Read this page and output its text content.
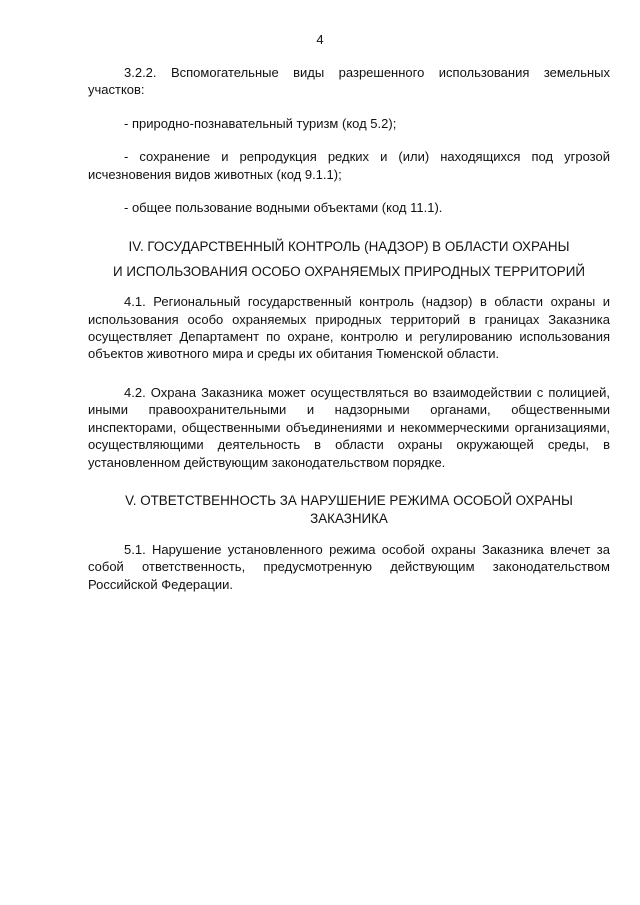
4

3.2.2. Вспомогательные виды разрешенного использования земельных участков:

- природно-познавательный туризм (код 5.2);

- сохранение и репродукция редких и (или) находящихся под угрозой исчезновения видов животных (код 9.1.1);

- общее пользование водными объектами (код 11.1).

IV. ГОСУДАРСТВЕННЫЙ КОНТРОЛЬ (НАДЗОР) В ОБЛАСТИ ОХРАНЫ
И ИСПОЛЬЗОВАНИЯ ОСОБО ОХРАНЯЕМЫХ ПРИРОДНЫХ ТЕРРИТОРИЙ

4.1. Региональный государственный контроль (надзор) в области охраны и использования особо охраняемых природных территорий в границах Заказника осуществляет Департамент по охране, контролю и регулированию использования объектов животного мира и среды их обитания Тюменской области.

4.2. Охрана Заказника может осуществляться во взаимодействии с полицией, иными правоохранительными и надзорными органами, общественными инспекторами, общественными объединениями и некоммерческими организациями, осуществляющими деятельность в области охраны окружающей среды, в установленном действующим законодательством порядке.

V. ОТВЕТСТВЕННОСТЬ ЗА НАРУШЕНИЕ РЕЖИМА ОСОБОЙ ОХРАНЫ
ЗАКАЗНИКА

5.1. Нарушение установленного режима особой охраны Заказника влечет за собой ответственность, предусмотренную действующим законодательством Российской Федерации.
